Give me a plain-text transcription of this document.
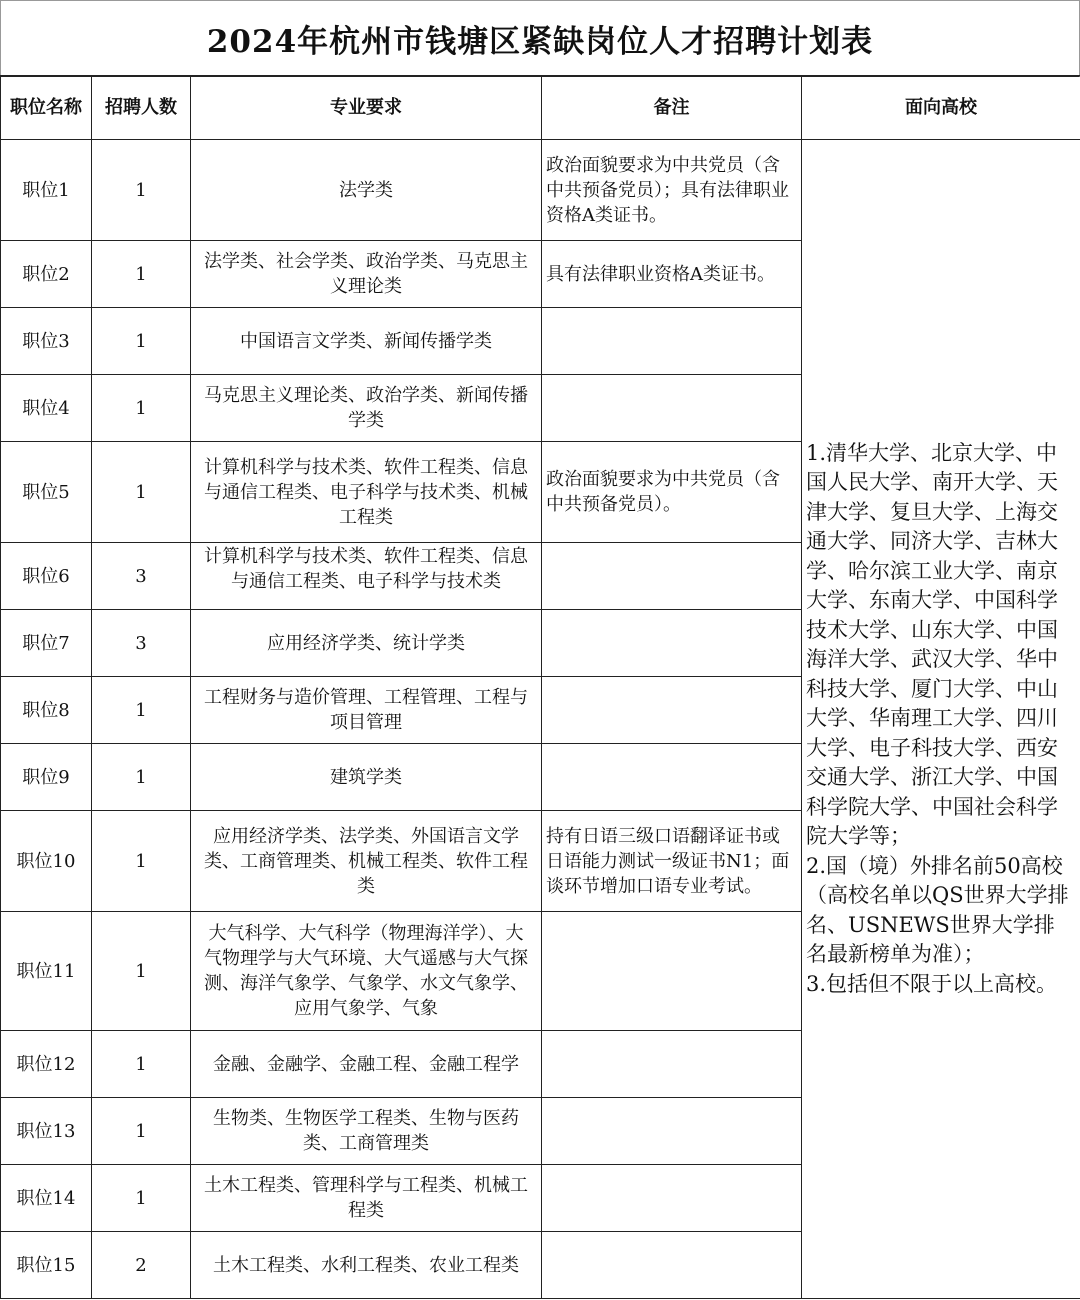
2024年杭州市钱塘区紧缺岗位人才招聘计划表
职位名称	招聘人数	专业要求	备注	面向高校
职位1	1	法学类	政治面貌要求为中共党员（含中共预备党员）；具有法律职业资格A类证书。	1.清华大学、北京大学、中国人民大学、南开大学、天津大学、复旦大学、上海交通大学、同济大学、吉林大学、哈尔滨工业大学、南京大学、东南大学、中国科学技术大学、山东大学、中国海洋大学、武汉大学、华中科技大学、厦门大学、中山大学、华南理工大学、四川大学、电子科技大学、西安交通大学、浙江大学、中国科学院大学、中国社会科学院大学等；
2.国（境）外排名前50高校（高校名单以QS世界大学排名、USNEWS世界大学排名最新榜单为准）；
3.包括但不限于以上高校。

职位2	1	法学类、社会学类、政治学类、马克思主义理论类	具有法律职业资格A类证书。	
职位3	1	中国语言文学类、新闻传播学类		
职位4	1	马克思主义理论类、政治学类、新闻传播学类		
职位5	1	计算机科学与技术类、软件工程类、信息与通信工程类、电子科学与技术类、机械工程类	政治面貌要求为中共党员（含中共预备党员）。	
职位6	3	计算机科学与技术类、软件工程类、信息与通信工程类、电子科学与技术类		

职位7	3	应用经济学类、统计学类		
职位8	1	工程财务与造价管理、工程管理、工程与项目管理		
职位9	1	建筑学类		
职位10	1	应用经济学类、法学类、外国语言文学类、工商管理类、机械工程类、软件工程类	持有日语三级口语翻译证书或日语能力测试一级证书N1；面谈环节增加口语专业考试。	
职位11	1	大气科学、大气科学（物理海洋学）、大气物理学与大气环境、大气遥感与大气探测、海洋气象学、气象学、水文气象学、应用气象学、气象		

职位12	1	金融、金融学、金融工程、金融工程学		
职位13	1	生物类、生物医学工程类、生物与医药类、工商管理类		
职位14	1	土木工程类、管理科学与工程类、机械工程类		
职位15	2	土木工程类、水利工程类、农业工程类		
